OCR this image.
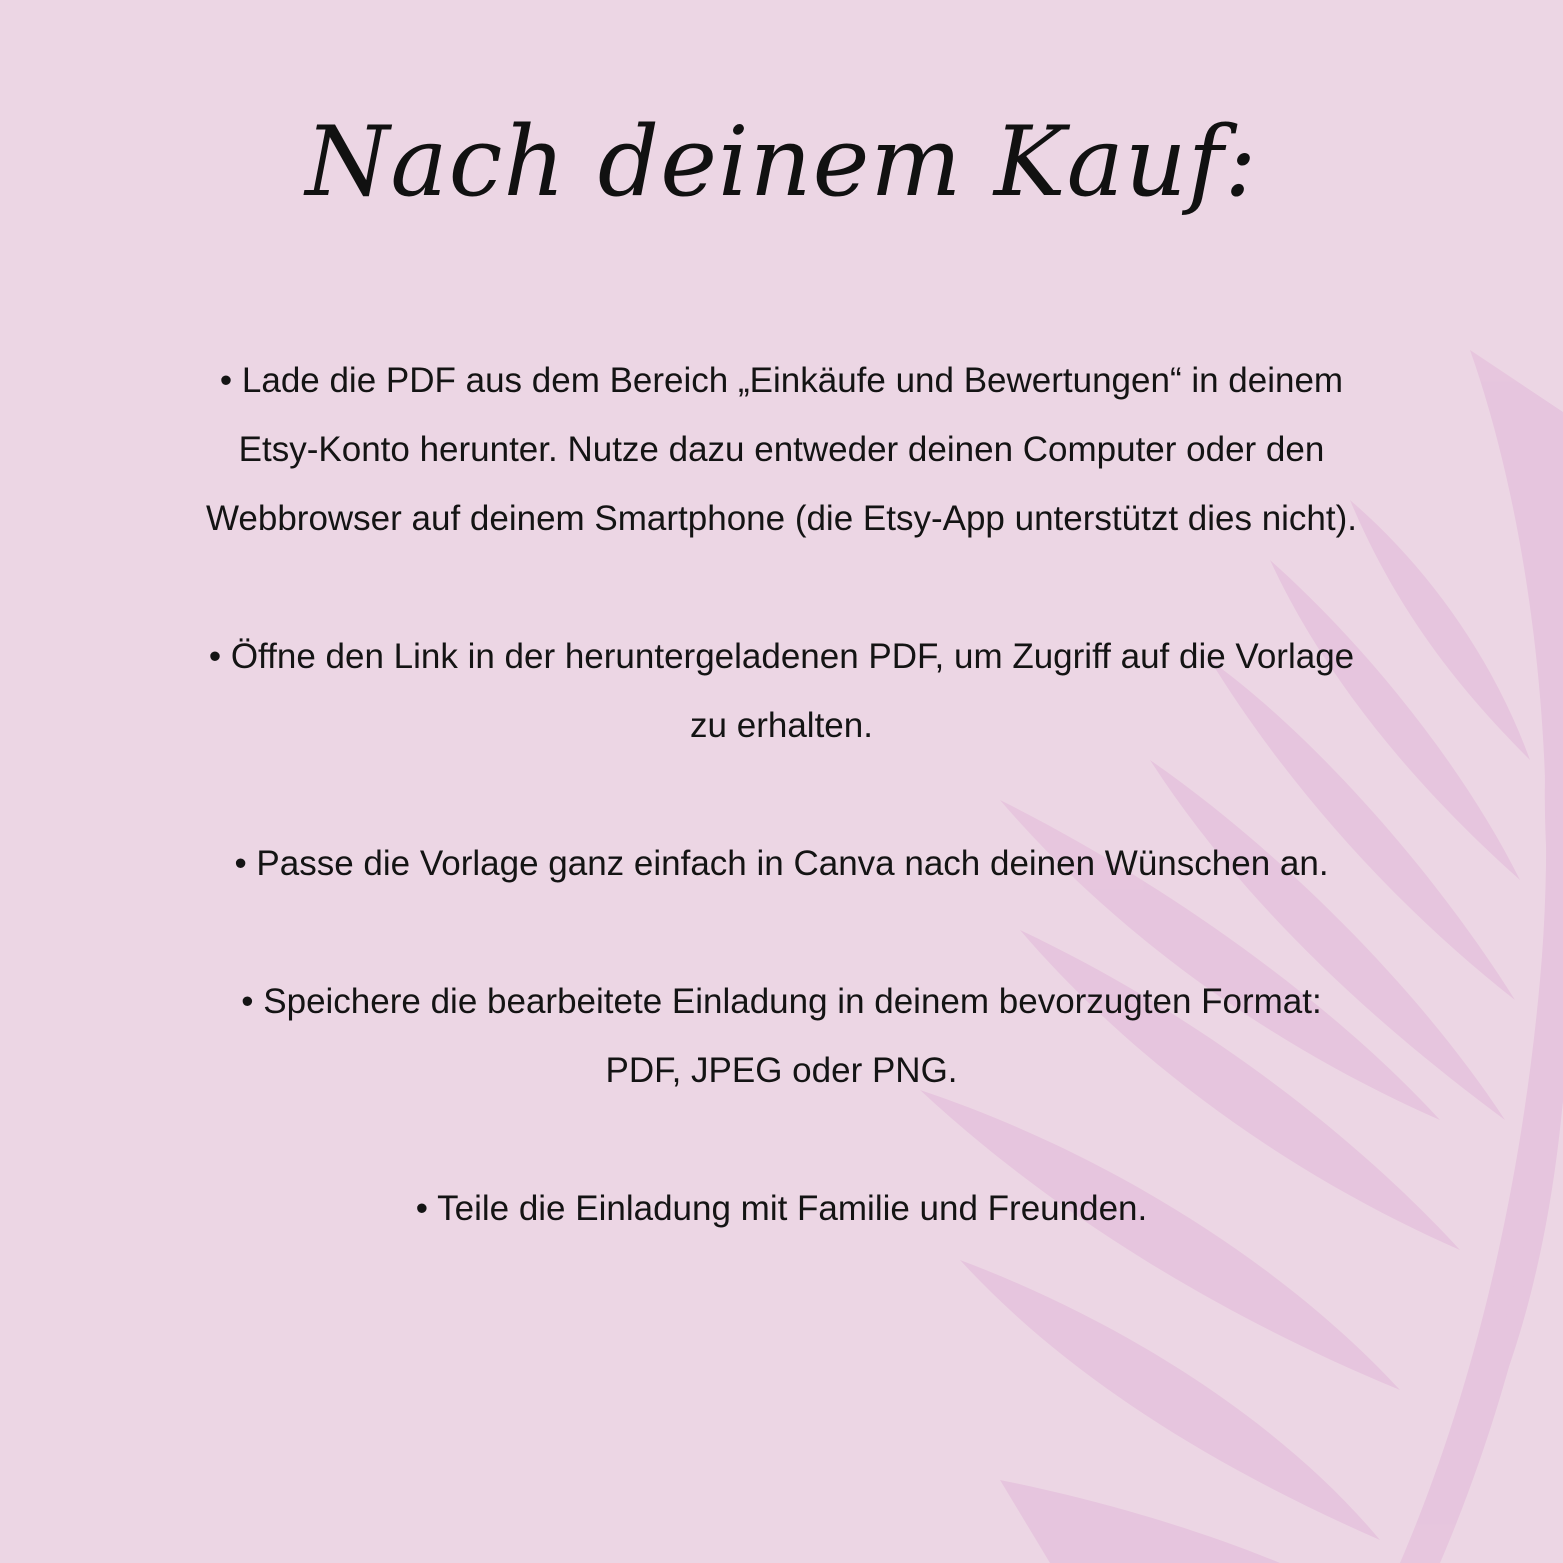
Nach deinem Kauf:

• Lade die PDF aus dem Bereich „Einkäufe und Bewertungen“ in deinem Etsy-Konto herunter. Nutze dazu entweder deinen Computer oder den Webbrowser auf deinem Smartphone (die Etsy-App unterstützt dies nicht).

• Öffne den Link in der heruntergeladenen PDF, um Zugriff auf die Vorlage zu erhalten.

• Passe die Vorlage ganz einfach in Canva nach deinen Wünschen an.

• Speichere die bearbeitete Einladung in deinem bevorzugten Format: PDF, JPEG oder PNG.

• Teile die Einladung mit Familie und Freunden.
